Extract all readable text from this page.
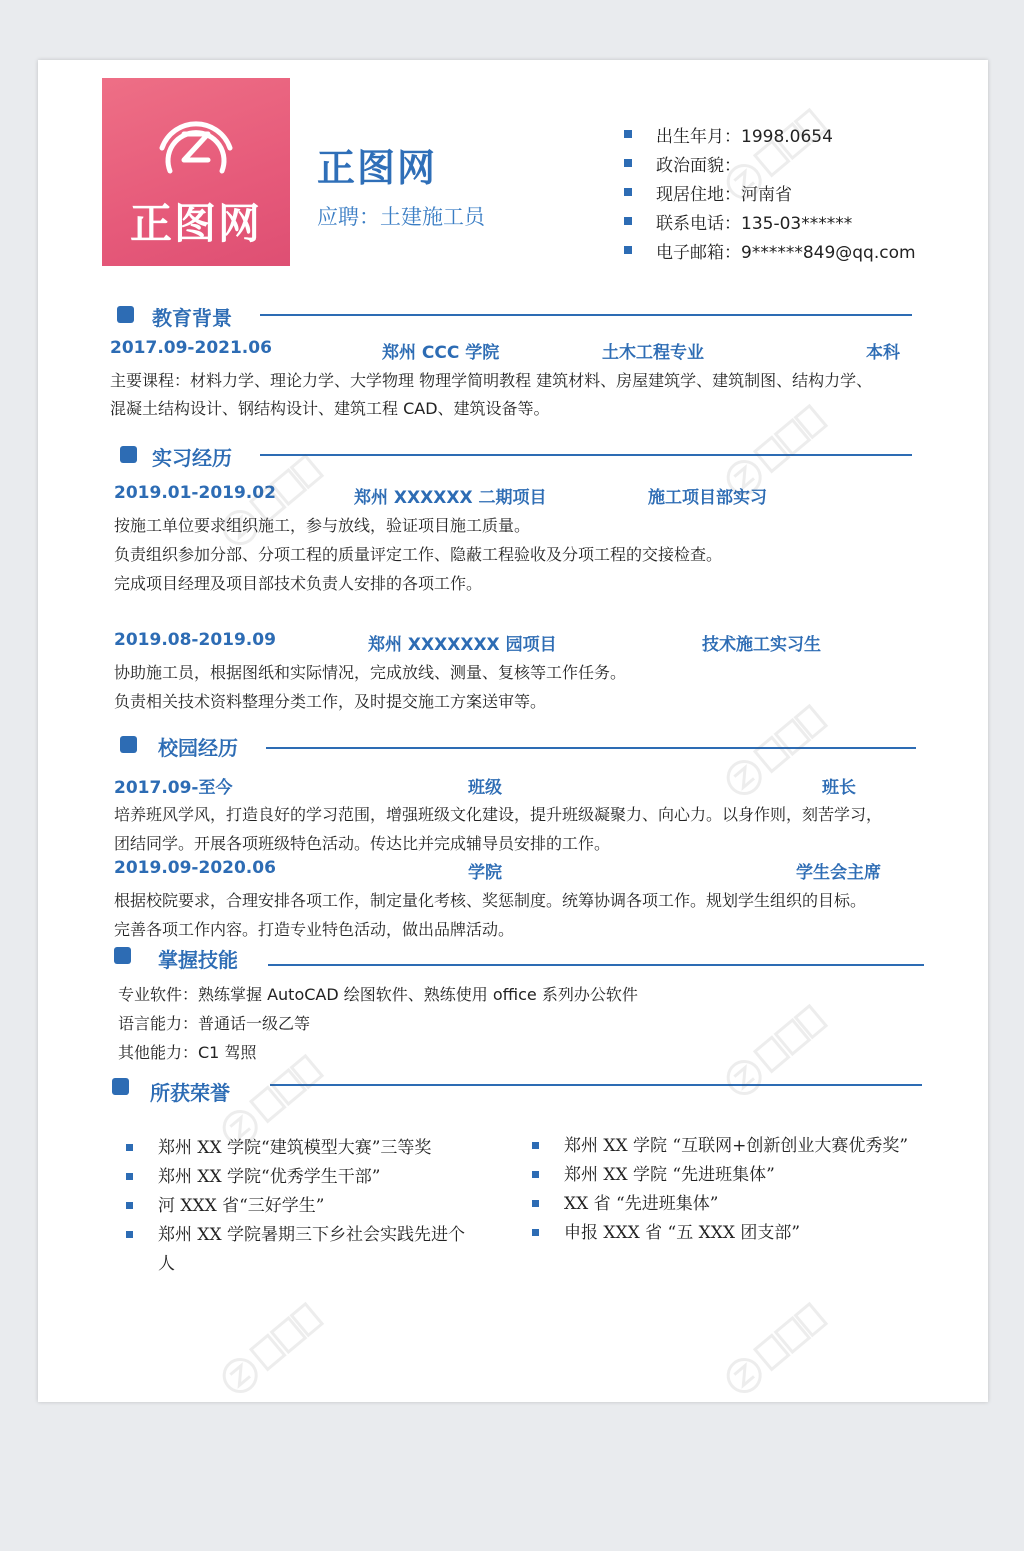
正图网
正图网
应聘：土建施工员
出生年月：1998.0654
政治面貌：
现居住地：河南省
联系电话：135-03******
电子邮箱：9******849@qq.com
教育背景
2017.09-2021.06	郑州 CCC 学院	土木工程专业	本科
主要课程：材料力学、理论力学、大学物理 物理学简明教程 建筑材料、房屋建筑学、建筑制图、结构力学、
混凝土结构设计、钢结构设计、建筑工程 CAD、建筑设备等。
实习经历
2019.01-2019.02	郑州 XXXXXX 二期项目	施工项目部实习
按施工单位要求组织施工，参与放线，验证项目施工质量。
负责组织参加分部、分项工程的质量评定工作、隐蔽工程验收及分项工程的交接检查。
完成项目经理及项目部技术负责人安排的各项工作。
2019.08-2019.09	郑州 XXXXXXX 园项目	技术施工实习生
协助施工员，根据图纸和实际情况，完成放线、测量、复核等工作任务。
负责相关技术资料整理分类工作，及时提交施工方案送审等。
校园经历
2017.09-至今	班级	班长
培养班风学风，打造良好的学习范围，增强班级文化建设，提升班级凝聚力、向心力。以身作则，刻苦学习，
团结同学。开展各项班级特色活动。传达比并完成辅导员安排的工作。
2019.09-2020.06	学院	学生会主席
根据校院要求，合理安排各项工作，制定量化考核、奖惩制度。统筹协调各项工作。规划学生组织的目标。
完善各项工作内容。打造专业特色活动，做出品牌活动。
掌握技能
专业软件：熟练掌握 AutoCAD 绘图软件、熟练使用 office 系列办公软件
语言能力：普通话一级乙等
其他能力：C1 驾照
所获荣誉
郑州 XX 学院“建筑模型大赛”三等奖
郑州 XX 学院“优秀学生干部”
河 XXX 省“三好学生”
郑州 XX 学院暑期三下乡社会实践先进个
人
郑州 XX 学院 “互联网+创新创业大赛优秀奖”
郑州 XX 学院 “先进班集体”
XX 省 “先进班集体”
申报 XXX 省 “五 XXX 团支部”
